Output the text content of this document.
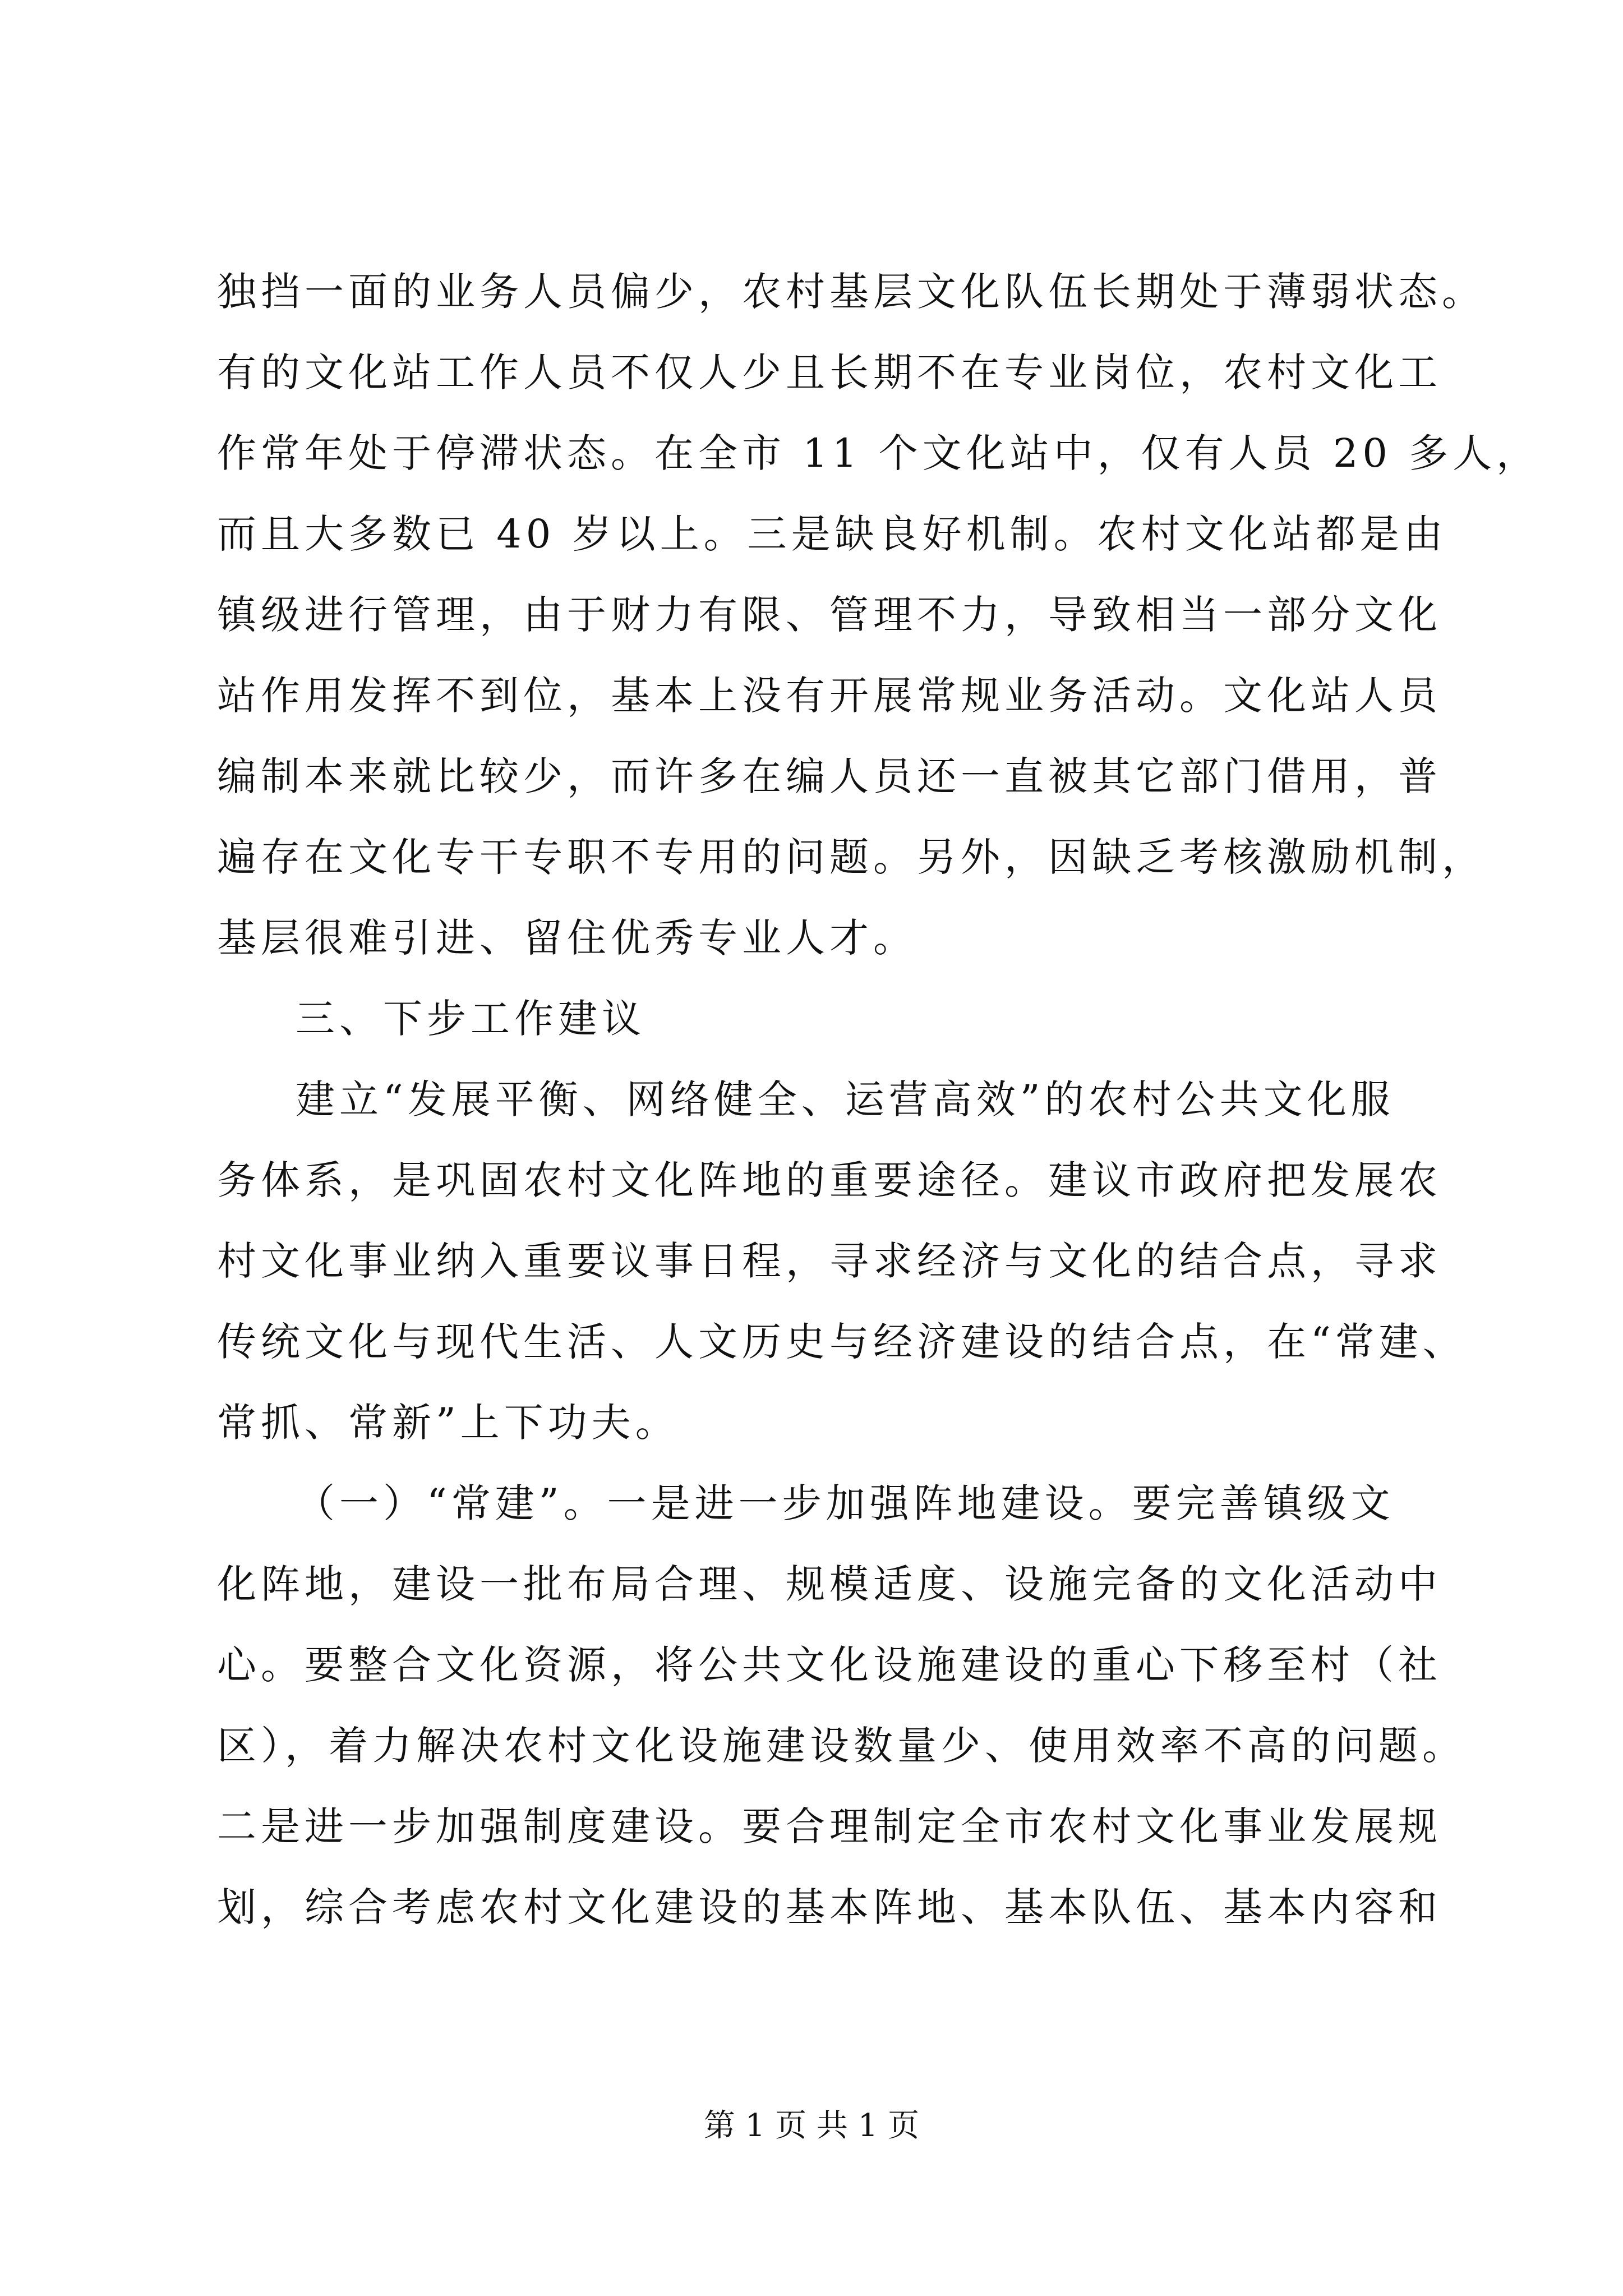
独挡一面的业务人员偏少，农村基层文化队伍长期处于薄弱状态。
有的文化站工作人员不仅人少且长期不在专业岗位，农村文化工
作常年处于停滞状态。在全市 11 个文化站中，仅有人员 20 多人，
而且大多数已 40 岁以上。三是缺良好机制。农村文化站都是由
镇级进行管理，由于财力有限、管理不力，导致相当一部分文化
站作用发挥不到位，基本上没有开展常规业务活动。文化站人员
编制本来就比较少，而许多在编人员还一直被其它部门借用，普
遍存在文化专干专职不专用的问题。另外，因缺乏考核激励机制，
基层很难引进、留住优秀专业人才。
三、下步工作建议
建立“发展平衡、网络健全、运营高效”的农村公共文化服
务体系，是巩固农村文化阵地的重要途径。建议市政府把发展农
村文化事业纳入重要议事日程，寻求经济与文化的结合点，寻求
传统文化与现代生活、人文历史与经济建设的结合点，在“常建、
常抓、常新”上下功夫。
（一）“常建”。一是进一步加强阵地建设。要完善镇级文
化阵地，建设一批布局合理、规模适度、设施完备的文化活动中
心。要整合文化资源，将公共文化设施建设的重心下移至村（社
区），着力解决农村文化设施建设数量少、使用效率不高的问题。
二是进一步加强制度建设。要合理制定全市农村文化事业发展规
划，综合考虑农村文化建设的基本阵地、基本队伍、基本内容和
第 1 页 共 1 页
